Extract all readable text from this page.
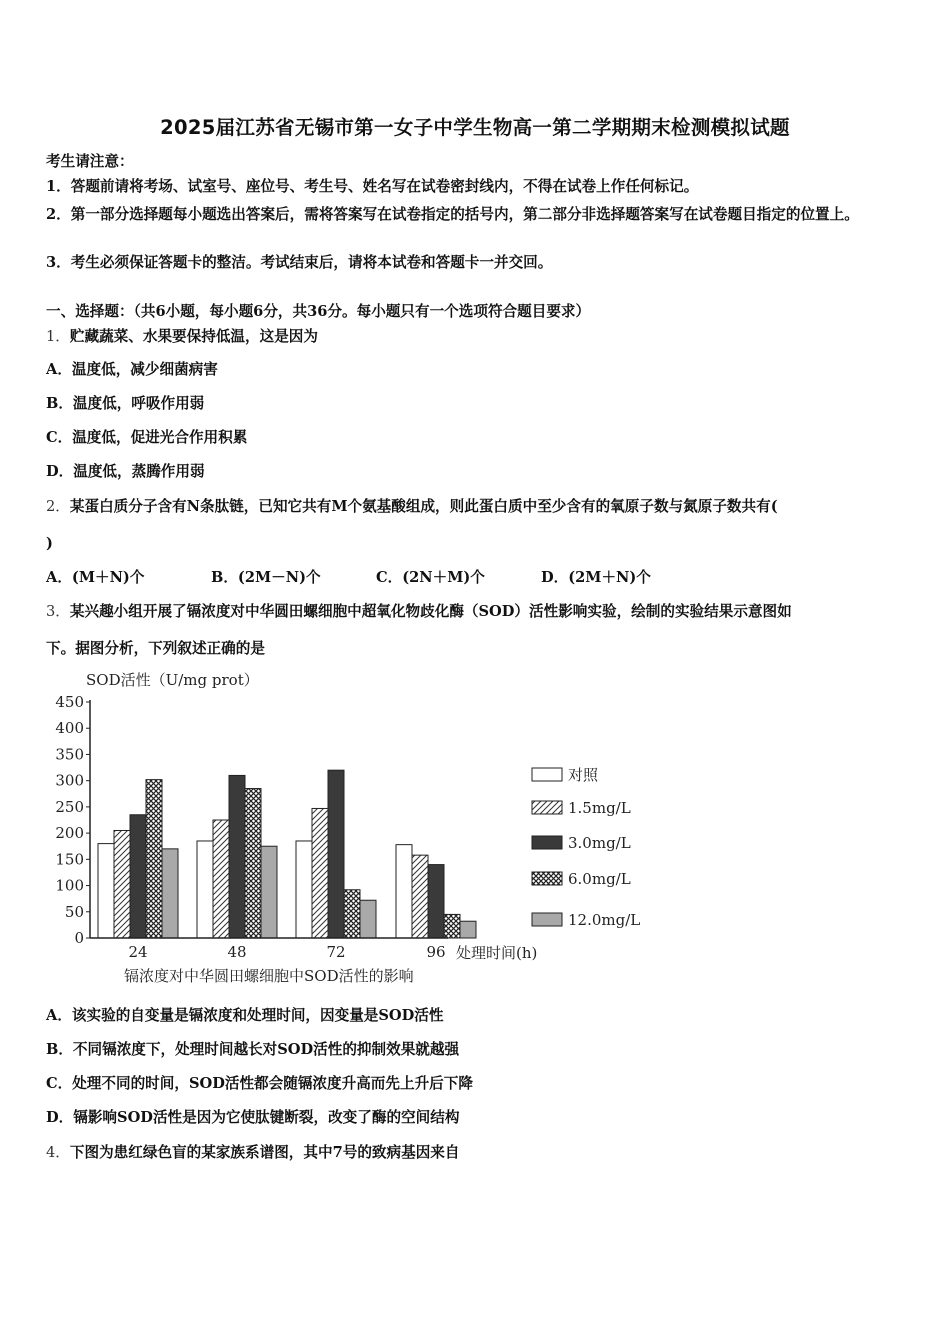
2025届江苏省无锡市第一女子中学生物高一第二学期期末检测模拟试题
考生请注意：
1．答题前请将考场、试室号、座位号、考生号、姓名写在试卷密封线内，不得在试卷上作任何标记。
2．第一部分选择题每小题选出答案后，需将答案写在试卷指定的括号内，第二部分非选择题答案写在试卷题目指定的位置上。
3．考生必须保证答题卡的整洁。考试结束后，请将本试卷和答题卡一并交回。
一、选择题：（共6小题，每小题6分，共36分。每小题只有一个选项符合题目要求）
1．贮藏蔬菜、水果要保持低温，这是因为
A．温度低，减少细菌病害
B．温度低，呼吸作用弱
C．温度低，促进光合作用积累
D．温度低，蒸腾作用弱
2．某蛋白质分子含有N条肽链，已知它共有M个氨基酸组成，则此蛋白质中至少含有的氧原子数与氮原子数共有(
)
A．(M＋N)个	B．(2M－N)个	C．(2N＋M)个	D．(2M＋N)个
3．某兴趣小组开展了镉浓度对中华圆田螺细胞中超氧化物歧化酶（SOD）活性影响实验，绘制的实验结果示意图如
下。据图分析，下列叙述正确的是
SOD活性（U/mg prot）
0
50
100
150
200
250
300
350
400
450
24	48	72	96
对照
1.5mg/L
3.0mg/L
6.0mg/L
12.0mg/L
处理时间(h)
镉浓度对中华圆田螺细胞中SOD活性的影响
A．该实验的自变量是镉浓度和处理时间，因变量是SOD活性
B．不同镉浓度下，处理时间越长对SOD活性的抑制效果就越强
C．处理不同的时间，SOD活性都会随镉浓度升高而先上升后下降
D．镉影响SOD活性是因为它使肽键断裂，改变了酶的空间结构
4．下图为患红绿色盲的某家族系谱图，其中7号的致病基因来自
